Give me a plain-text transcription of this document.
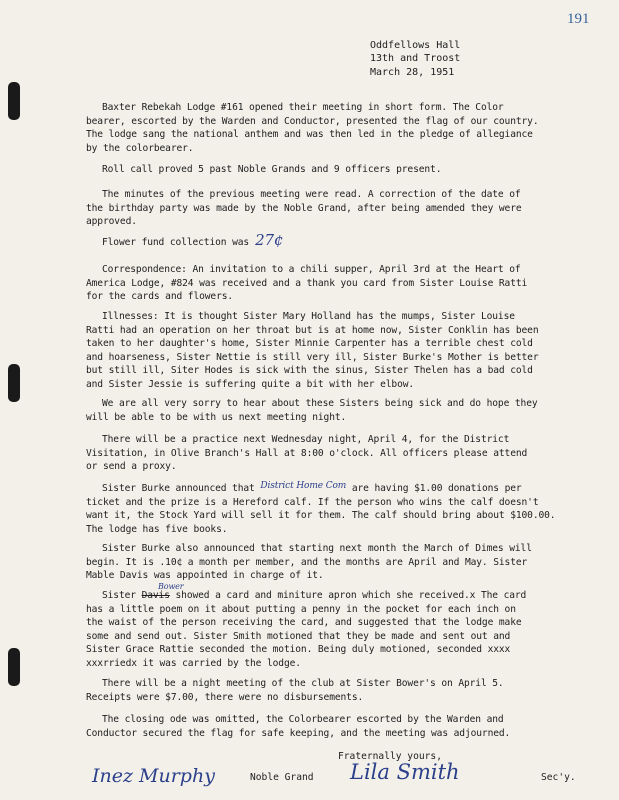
191
Oddfellows Hall
13th and Troost
March 28, 1951
Baxter Rebekah Lodge #161 opened their meeting in short form. The Color
bearer, escorted by the Warden and Conductor, presented the flag of our country.
The lodge sang the national anthem and was then led in the pledge of allegiance
by the colorbearer.
Roll call proved 5 past Noble Grands and 9 officers present.
The minutes of the previous meeting were read. A correction of the date of
the birthday party was made by the Noble Grand, after being amended they were
approved.
Flower fund collection was 27¢
Correspondence: An invitation to a chili supper, April 3rd at the Heart of
America Lodge, #824 was received and a thank you card from Sister Louise Ratti
for the cards and flowers.
Illnesses: It is thought Sister Mary Holland has the mumps, Sister Louise
Ratti had an operation on her throat but is at home now, Sister Conklin has been
taken to her daughter's home, Sister Minnie Carpenter has a terrible chest cold
and hoarseness, Sister Nettie is still very ill, Sister Burke's Mother is better
but still ill, Siter Hodes is sick with the sinus, Sister Thelen has a bad cold
and Sister Jessie is suffering quite a bit with her elbow.
We are all very sorry to hear about these Sisters being sick and do hope they
will be able to be with us next meeting night.
There will be a practice next Wednesday night, April 4, for the District
Visitation, in Olive Branch's Hall at 8:00 o'clock. All officers please attend
or send a proxy.
Sister Burke announced that District Home Com are having $1.00 donations per
ticket and the prize is a Hereford calf. If the person who wins the calf doesn't
want it, the Stock Yard will sell it for them. The calf should bring about $100.00.
The lodge has five books.
Sister Burke also announced that starting next month the March of Dimes will
begin. It is .10¢ a month per member, and the months are April and May. Sister
Mable Davis was appointed in charge of it.
Bower
Sister Davis showed a card and miniture apron which she received.x The card
has a little poem on it about putting a penny in the pocket for each inch on
the waist of the person receiving the card, and suggested that the lodge make
some and send out. Sister Smith motioned that they be made and sent out and
Sister Grace Rattie seconded the motion. Being duly motioned, seconded xxxx
xxxrriedx it was carried by the lodge.
There will be a night meeting of the club at Sister Bower's on April 5.
Receipts were $7.00, there were no disbursements.
The closing ode was omitted, the Colorbearer escorted by the Warden and
Conductor secured the flag for safe keeping, and the meeting was adjourned.
Fraternally yours,
Inez Murphy	Noble Grand Lila Smith	Sec'y.
